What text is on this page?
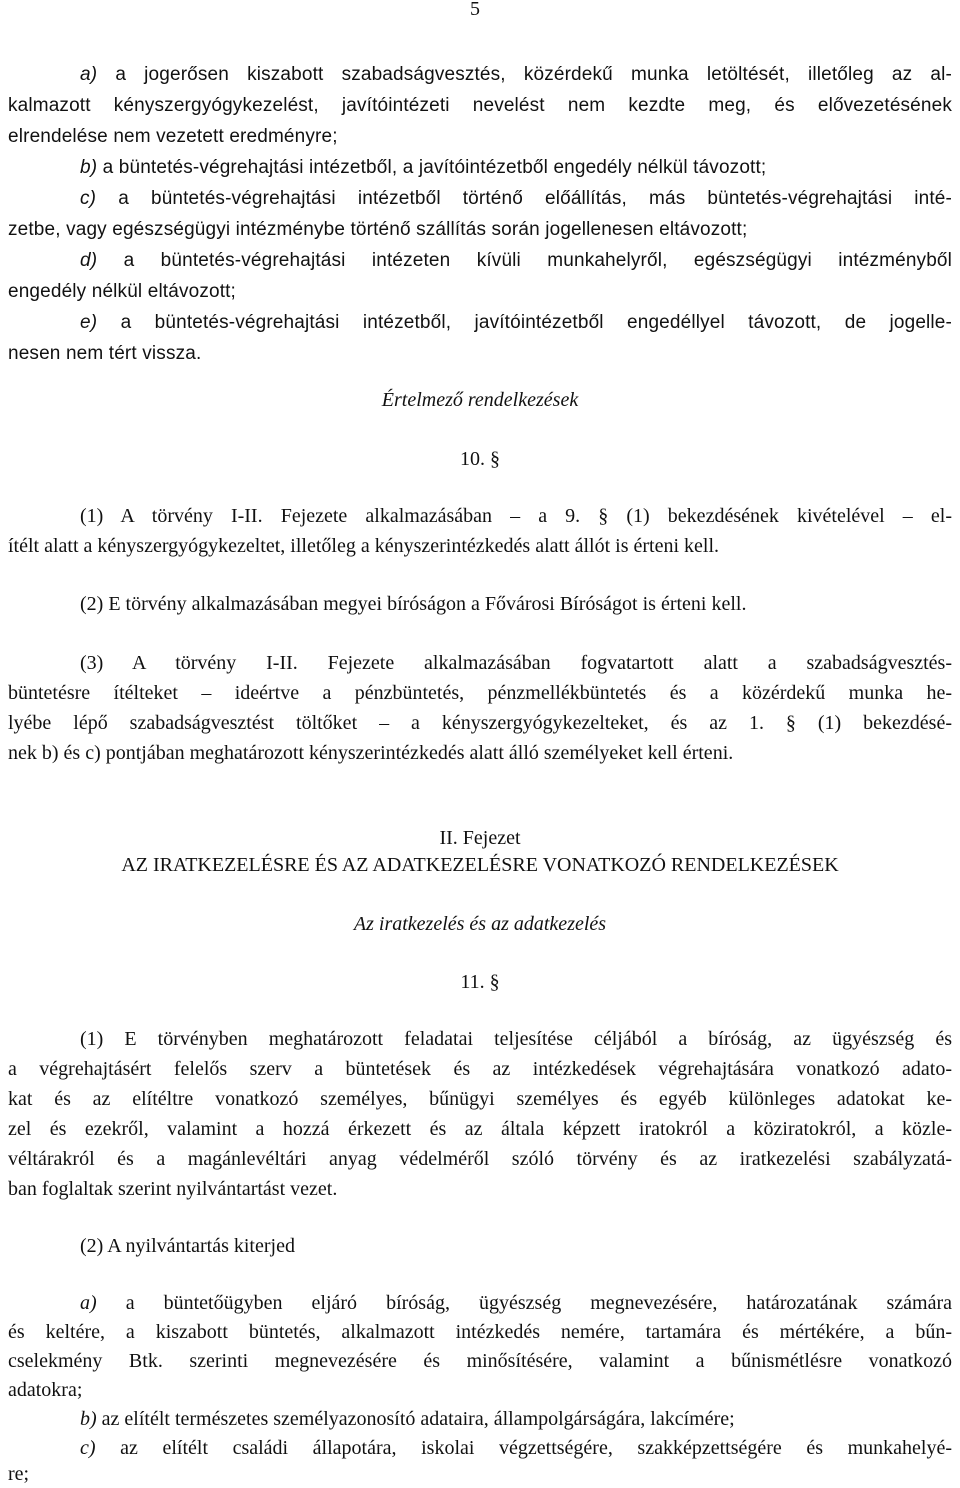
5
a) a jogerősen kiszabott szabadságvesztés, közérdekű munka letöltését, illetőleg az al-
kalmazott kényszergyógykezelést, javítóintézeti nevelést nem kezdte meg, és elővezetésének
elrendelése nem vezetett eredményre;
b) a büntetés-végrehajtási intézetből, a javítóintézetből engedély nélkül távozott;
c) a büntetés-végrehajtási intézetből történő előállítás, más büntetés-végrehajtási inté-
zetbe, vagy egészségügyi intézménybe történő szállítás során jogellenesen eltávozott;
d) a büntetés-végrehajtási intézeten kívüli munkahelyről, egészségügyi intézményből
engedély nélkül eltávozott;
e) a büntetés-végrehajtási intézetből, javítóintézetből engedéllyel távozott, de jogelle-
nesen nem tért vissza.
Értelmező rendelkezések
10. §
(1) A törvény I-II. Fejezete alkalmazásában – a 9. § (1) bekezdésének kivételével – el-
ítélt alatt a kényszergyógykezeltet, illetőleg a kényszerintézkedés alatt állót is érteni kell.
(2) E törvény alkalmazásában megyei bíróságon a Fővárosi Bíróságot is érteni kell.
(3) A törvény I-II. Fejezete alkalmazásában fogvatartott alatt a szabadságvesztés-
büntetésre ítélteket – ideértve a pénzbüntetés, pénzmellékbüntetés és a közérdekű munka he-
lyébe lépő szabadságvesztést töltőket – a kényszergyógykezelteket, és az 1. § (1) bekezdésé-
nek b) és c) pontjában meghatározott kényszerintézkedés alatt álló személyeket kell érteni.
II. Fejezet
AZ IRATKEZELÉSRE ÉS AZ ADATKEZELÉSRE VONATKOZÓ RENDELKEZÉSEK
Az iratkezelés és az adatkezelés
11. §
(1) E törvényben meghatározott feladatai teljesítése céljából a bíróság, az ügyészség és
a végrehajtásért felelős szerv a büntetések és az intézkedések végrehajtására vonatkozó adato-
kat és az elítéltre vonatkozó személyes, bűnügyi személyes és egyéb különleges adatokat ke-
zel és ezekről, valamint a hozzá érkezett és az általa képzett iratokról a köziratokról, a közle-
véltárakról és a magánlevéltári anyag védelméről szóló törvény és az iratkezelési szabályzatá-
ban foglaltak szerint nyilvántartást vezet.
(2) A nyilvántartás kiterjed
a) a büntetőügyben eljáró bíróság, ügyészség megnevezésére, határozatának számára
és keltére, a kiszabott büntetés, alkalmazott intézkedés nemére, tartamára és mértékére, a bűn-
cselekmény Btk. szerinti megnevezésére és minősítésére, valamint a bűnismétlésre vonatkozó
adatokra;
b) az elítélt természetes személyazonosító adataira, állampolgárságára, lakcímére;
c) az elítélt családi állapotára, iskolai végzettségére, szakképzettségére és munkahelyé-
re;
